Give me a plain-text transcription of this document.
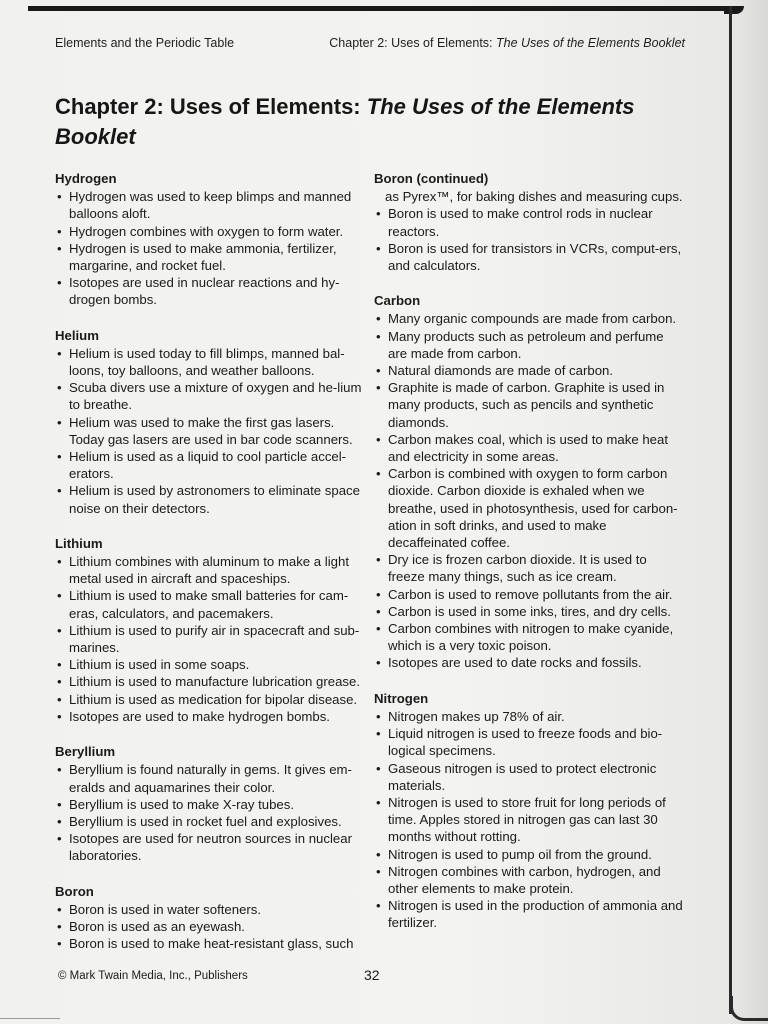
Elements and the Periodic Table	Chapter 2: Uses of Elements: The Uses of the Elements Booklet
Chapter 2: Uses of Elements: The Uses of the Elements Booklet
Hydrogen
• Hydrogen was used to keep blimps and manned balloons aloft.
• Hydrogen combines with oxygen to form water.
• Hydrogen is used to make ammonia, fertilizer, margarine, and rocket fuel.
• Isotopes are used in nuclear reactions and hy-drogen bombs.
Helium
• Helium is used today to fill blimps, manned bal-loons, toy balloons, and weather balloons.
• Scuba divers use a mixture of oxygen and he-lium to breathe.
• Helium was used to make the first gas lasers. Today gas lasers are used in bar code scanners.
• Helium is used as a liquid to cool particle accel-erators.
• Helium is used by astronomers to eliminate space noise on their detectors.
Lithium
• Lithium combines with aluminum to make a light metal used in aircraft and spaceships.
• Lithium is used to make small batteries for cam-eras, calculators, and pacemakers.
• Lithium is used to purify air in spacecraft and sub-marines.
• Lithium is used in some soaps.
• Lithium is used to manufacture lubrication grease.
• Lithium is used as medication for bipolar disease.
• Isotopes are used to make hydrogen bombs.
Beryllium
• Beryllium is found naturally in gems. It gives em-eralds and aquamarines their color.
• Beryllium is used to make X-ray tubes.
• Beryllium is used in rocket fuel and explosives.
• Isotopes are used for neutron sources in nuclear laboratories.
Boron
• Boron is used in water softeners.
• Boron is used as an eyewash.
• Boron is used to make heat-resistant glass, such
Boron (continued)
as Pyrex™, for baking dishes and measuring cups.
• Boron is used to make control rods in nuclear reactors.
• Boron is used for transistors in VCRs, comput-ers, and calculators.
Carbon
• Many organic compounds are made from carbon.
• Many products such as petroleum and perfume are made from carbon.
• Natural diamonds are made of carbon.
• Graphite is made of carbon. Graphite is used in many products, such as pencils and synthetic diamonds.
• Carbon makes coal, which is used to make heat and electricity in some areas.
• Carbon is combined with oxygen to form carbon dioxide. Carbon dioxide is exhaled when we breathe, used in photosynthesis, used for carbon-ation in soft drinks, and used to make decaffeinated coffee.
• Dry ice is frozen carbon dioxide. It is used to freeze many things, such as ice cream.
• Carbon is used to remove pollutants from the air.
• Carbon is used in some inks, tires, and dry cells.
• Carbon combines with nitrogen to make cyanide, which is a very toxic poison.
• Isotopes are used to date rocks and fossils.
Nitrogen
• Nitrogen makes up 78% of air.
• Liquid nitrogen is used to freeze foods and bio-logical specimens.
• Gaseous nitrogen is used to protect electronic materials.
• Nitrogen is used to store fruit for long periods of time. Apples stored in nitrogen gas can last 30 months without rotting.
• Nitrogen is used to pump oil from the ground.
• Nitrogen combines with carbon, hydrogen, and other elements to make protein.
• Nitrogen is used in the production of ammonia and fertilizer.
© Mark Twain Media, Inc., Publishers	32
